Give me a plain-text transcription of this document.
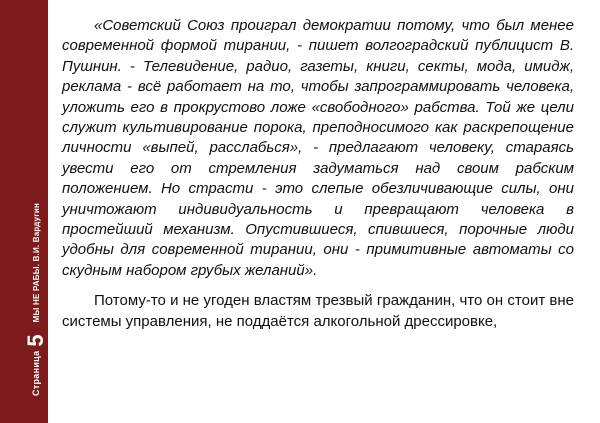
Страница
5
МЫ НЕ РАБЫ. В.И. Вардугин

«Советский Союз проиграл демократии потому, что был менее современной формой тирании, - пишет волгоградский публицист В. Пушнин. - Телевидение, радио, газеты, книги, секты, мода, имидж, реклама - всё работает на то, чтобы запрограммировать человека, уложить его в прокрустово ложе «свободного» рабства. Той же цели служит культивирование порока, преподносимого как раскрепощение личности «выпей, расслабься», - предлагают человеку, стараясь увести его от стремления задуматься над своим рабским положением. Но страсти - это слепые обезличивающие силы, они уничтожают индивидуальность и превращают человека в простейший механизм. Опустившиеся, спившиеся, порочные люди удобны для современной тирании, они - примитивные автоматы со скудным набором грубых желаний».

Потому-то и не угоден властям трезвый гражданин, что он стоит вне системы управления, не поддаётся алкогольной дрессировке,
